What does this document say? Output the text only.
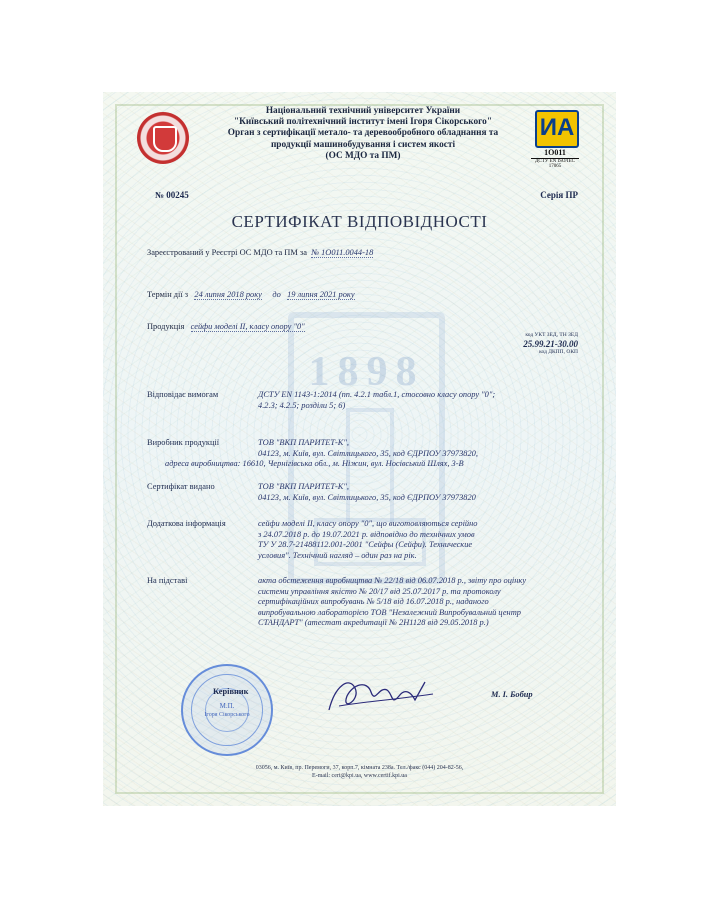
1898
ИА
1O011
ДСТУ EN ISO/IEC 17065
Національний технічний університет України
"Київський політехнічний інститут імені Ігоря Сікорського"
Орган з сертифікації метало- та деревообробного обладнання та
продукції машинобудування і систем якості
(ОС МДО та ПМ)
№ 00245	Серія ПР
СЕРТИФІКАТ ВІДПОВІДНОСТІ
Зареєстрований у Реєстрі ОС МДО та ПМ за № 1O011.0044-18
Термін дії з 24 липня 2018 року до 19 липня 2021 року
Продукція сейфи моделі II, класу опору "0"
код УКТ ЗЕД, ТН ЗЕД
25.99.21-30.00
код ДКПП, ОКП
Відповідає вимогам	ДСТУ EN 1143-1:2014 (пп. 4.2.1 табл.1, стосовно класу опору "0";
4.2.3; 4.2.5; розділи 5; 6)
Виробник продукції	ТОВ "ВКП ПАРИТЕТ-К",
04123, м. Київ, вул. Світлицького, 35, код ЄДРПОУ 37973820,
адреса виробництва: 16610, Чернігівська обл., м. Ніжин, вул. Носівський Шлях, 3-В
Сертифікат видано	ТОВ "ВКП ПАРИТЕТ-К",
04123, м. Київ, вул. Світлицького, 35, код ЄДРПОУ 37973820
Додаткова інформація	сейфи моделі II, класу опору "0", що виготовляються серійно
з 24.07.2018 р. до 19.07.2021 р. відповідно до технічних умов
ТУ У 28.7-21488112.001-2001 "Сейфы (Сейфи). Технические
условия". Технічний нагляд – один раз на рік.
На підставі	акта обстеження виробництва № 22/18 від 06.07.2018 р., звіту про оцінку
системи управління якістю № 20/17 від 25.07.2017 р. та протоколу
сертифікаційних випробувань № 5/18 від 16.07.2018 р., наданого
випробувальною лабораторією ТОВ "Незалежний Випробувальний центр
СТАНДАРТ" (атестат акредитації № 2Н1128 від 29.05.2018 р.)
М.П.
Ігоря Сікорського
Керівник	М. І. Бобир
03056, м. Київ, пр. Перемоги, 37, корп.7, кімната 238а. Тел./факс (044) 204-82-56,
E-mail: cert@kpi.ua, www.certif.kpi.ua
